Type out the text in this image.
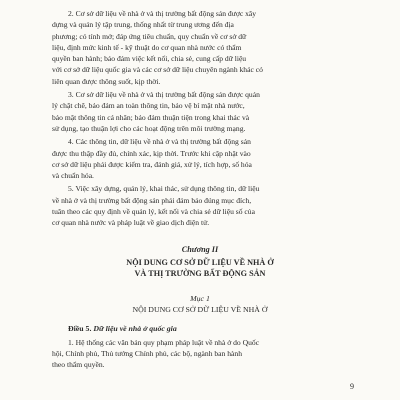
2. Cơ sở dữ liệu về nhà ở và thị trường bất động sản được xây
dựng và quản lý tập trung, thống nhất từ trung ương đến địa
phương; có tính mở; đáp ứng tiêu chuẩn, quy chuẩn về cơ sở dữ
liệu, định mức kinh tế - kỹ thuật do cơ quan nhà nước có thẩm
quyền ban hành; bảo đảm việc kết nối, chia sẻ, cung cấp dữ liệu
với cơ sở dữ liệu quốc gia và các cơ sở dữ liệu chuyên ngành khác có
liên quan được thông suốt, kịp thời.

3. Cơ sở dữ liệu về nhà ở và thị trường bất động sản được quản
lý chặt chẽ, bảo đảm an toàn thông tin, bảo vệ bí mật nhà nước,
bảo mật thông tin cá nhân; bảo đảm thuận tiện trong khai thác và
sử dụng, tạo thuận lợi cho các hoạt động trên môi trường mạng.

4. Các thông tin, dữ liệu về nhà ở và thị trường bất động sản
được thu thập đầy đủ, chính xác, kịp thời. Trước khi cập nhật vào
cơ sở dữ liệu phải được kiểm tra, đánh giá, xử lý, tích hợp, số hóa
và chuẩn hóa.

5. Việc xây dựng, quản lý, khai thác, sử dụng thông tin, dữ liệu
về nhà ở và thị trường bất động sản phải đảm bảo đúng mục đích,
tuân theo các quy định về quản lý, kết nối và chia sẻ dữ liệu số của
cơ quan nhà nước và pháp luật về giao dịch điện tử.

Chương II
NỘI DUNG CƠ SỞ DỮ LIỆU VỀ NHÀ Ở
VÀ THỊ TRƯỜNG BẤT ĐỘNG SẢN
Mục 1
NỘI DUNG CƠ SỞ DỮ LIỆU VỀ NHÀ Ở
Điều 5. Dữ liệu về nhà ở quốc gia

1. Hệ thống các văn bản quy phạm pháp luật về nhà ở do Quốc
hội, Chính phủ, Thủ tướng Chính phủ, các bộ, ngành ban hành
theo thẩm quyền.

9
